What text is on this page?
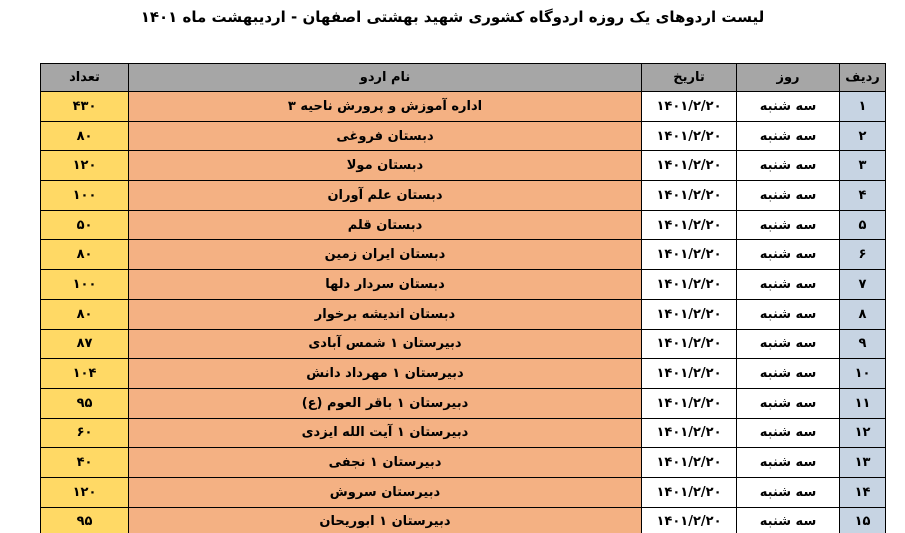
لیست اردوهای یک روزه اردوگاه کشوری شهید بهشتی اصفهان - اردیبهشت ماه ۱۴۰۱
ردیف	روز	تاریخ	نام اردو	تعداد
۱	سه شنبه	۱۴۰۱/۲/۲۰	اداره آموزش و پرورش ناحیه ۳	۴۳۰
۲	سه شنبه	۱۴۰۱/۲/۲۰	دبستان فروغی	۸۰
۳	سه شنبه	۱۴۰۱/۲/۲۰	دبستان مولا	۱۲۰
۴	سه شنبه	۱۴۰۱/۲/۲۰	دبستان علم آوران	۱۰۰
۵	سه شنبه	۱۴۰۱/۲/۲۰	دبستان قلم	۵۰
۶	سه شنبه	۱۴۰۱/۲/۲۰	دبستان ایران زمین	۸۰
۷	سه شنبه	۱۴۰۱/۲/۲۰	دبستان سردار دلها	۱۰۰
۸	سه شنبه	۱۴۰۱/۲/۲۰	دبستان اندیشه برخوار	۸۰
۹	سه شنبه	۱۴۰۱/۲/۲۰	دبیرستان ۱ شمس آبادی	۸۷
۱۰	سه شنبه	۱۴۰۱/۲/۲۰	دبیرستان ۱ مهرداد دانش	۱۰۴
۱۱	سه شنبه	۱۴۰۱/۲/۲۰	دبیرستان ۱ باقر العوم (ع)	۹۵
۱۲	سه شنبه	۱۴۰۱/۲/۲۰	دبیرستان ۱ آیت الله ایزدی	۶۰
۱۳	سه شنبه	۱۴۰۱/۲/۲۰	دبیرستان ۱ نجفی	۴۰
۱۴	سه شنبه	۱۴۰۱/۲/۲۰	دبیرستان سروش	۱۲۰
۱۵	سه شنبه	۱۴۰۱/۲/۲۰	دبیرستان ۱ ابوریحان	۹۵
